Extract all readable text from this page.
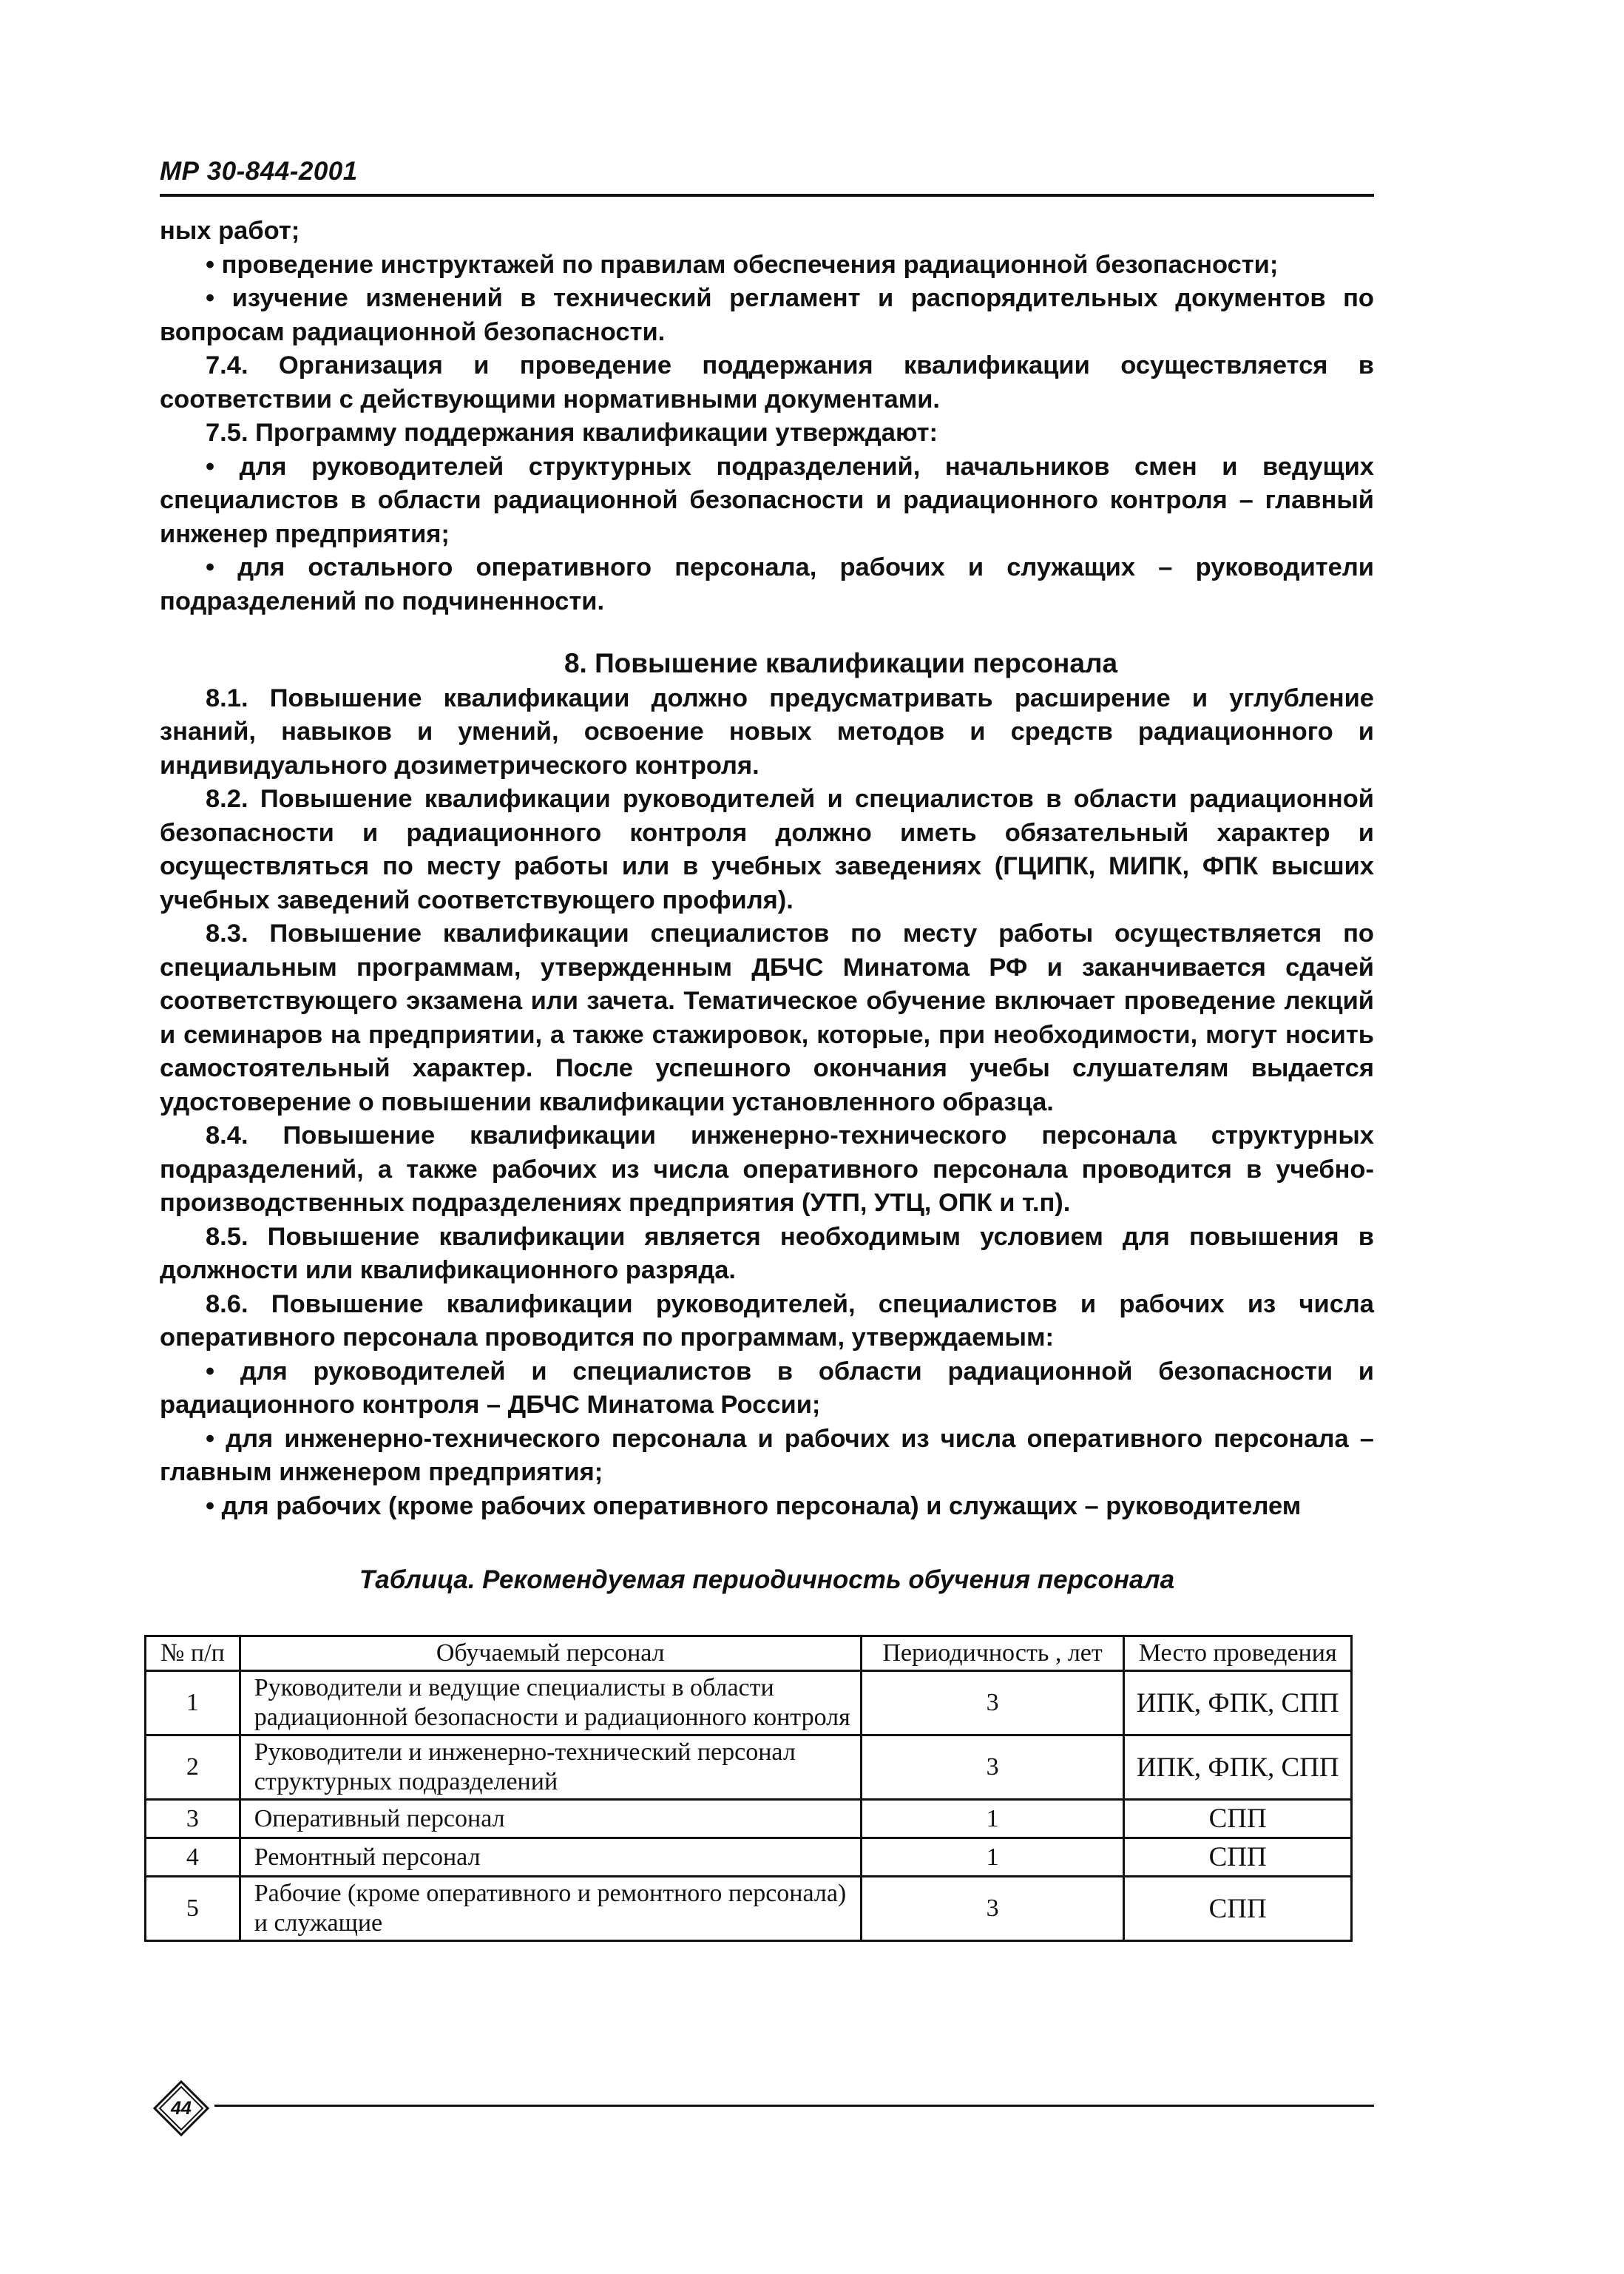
МР 30-844-2001

ных работ;

• проведение инструктажей по правилам обеспечения радиационной безопасности;

• изучение изменений в технический регламент и распорядительных документов по вопросам радиационной безопасности.

7.4. Организация и проведение поддержания квалификации осуществляется в соответствии с действующими нормативными документами.

7.5. Программу поддержания квалификации утверждают:

• для руководителей структурных подразделений, начальников смен и ведущих специалистов в области радиационной безопасности и радиационного контроля – главный инженер предприятия;

• для остального оперативного персонала, рабочих и служащих – руководители подразделений по подчиненности.

8. Повышение квалификации персонала

8.1. Повышение квалификации должно предусматривать расширение и углубление знаний, навыков и умений, освоение новых методов и средств радиационного и индивидуального дозиметрического контроля.

8.2. Повышение квалификации руководителей и специалистов в области радиационной безопасности и радиационного контроля должно иметь обязательный характер и осуществляться по месту работы или в учебных заведениях (ГЦИПК, МИПК, ФПК высших учебных заведений соответствующего профиля).

8.3. Повышение квалификации специалистов по месту работы осуществляется по специальным программам, утвержденным ДБЧС Минатома РФ и заканчивается сдачей соответствующего экзамена или зачета. Тематическое обучение включает проведение лекций и семинаров на предприятии, а также стажировок, которые, при необходимости, могут носить самостоятельный характер. После успешного окончания учебы слушателям выдается удостоверение о повышении квалификации установленного образца.

8.4. Повышение квалификации инженерно-технического персонала структурных подразделений, а также рабочих из числа оперативного персонала проводится в учебно-производственных подразделениях предприятия (УТП, УТЦ, ОПК и т.п).

8.5. Повышение квалификации является необходимым условием для повышения в должности или квалификационного разряда.

8.6. Повышение квалификации руководителей, специалистов и рабочих из числа оперативного персонала проводится по программам, утверждаемым:

• для руководителей и специалистов в области радиационной безопасности и радиационного контроля – ДБЧС Минатома России;

• для инженерно-технического персонала и рабочих из числа оперативного персонала – главным инженером предприятия;

• для рабочих (кроме рабочих оперативного персонала) и служащих – руководителем

Таблица. Рекомендуемая периодичность обучения персонала
№ п/п	Обучаемый персонал	Периодичность , лет	Место проведения
1	Руководители и ведущие специалисты в области радиационной безопасности и радиационного контроля	3	ИПК, ФПК, СПП
2	Руководители и инженерно-технический персонал структурных подразделений	3	ИПК, ФПК, СПП
3	Оперативный персонал	1	СПП
4	Ремонтный персонал	1	СПП
5	Рабочие (кроме оперативного и ремонтного персонала) и служащие	3	СПП
44
